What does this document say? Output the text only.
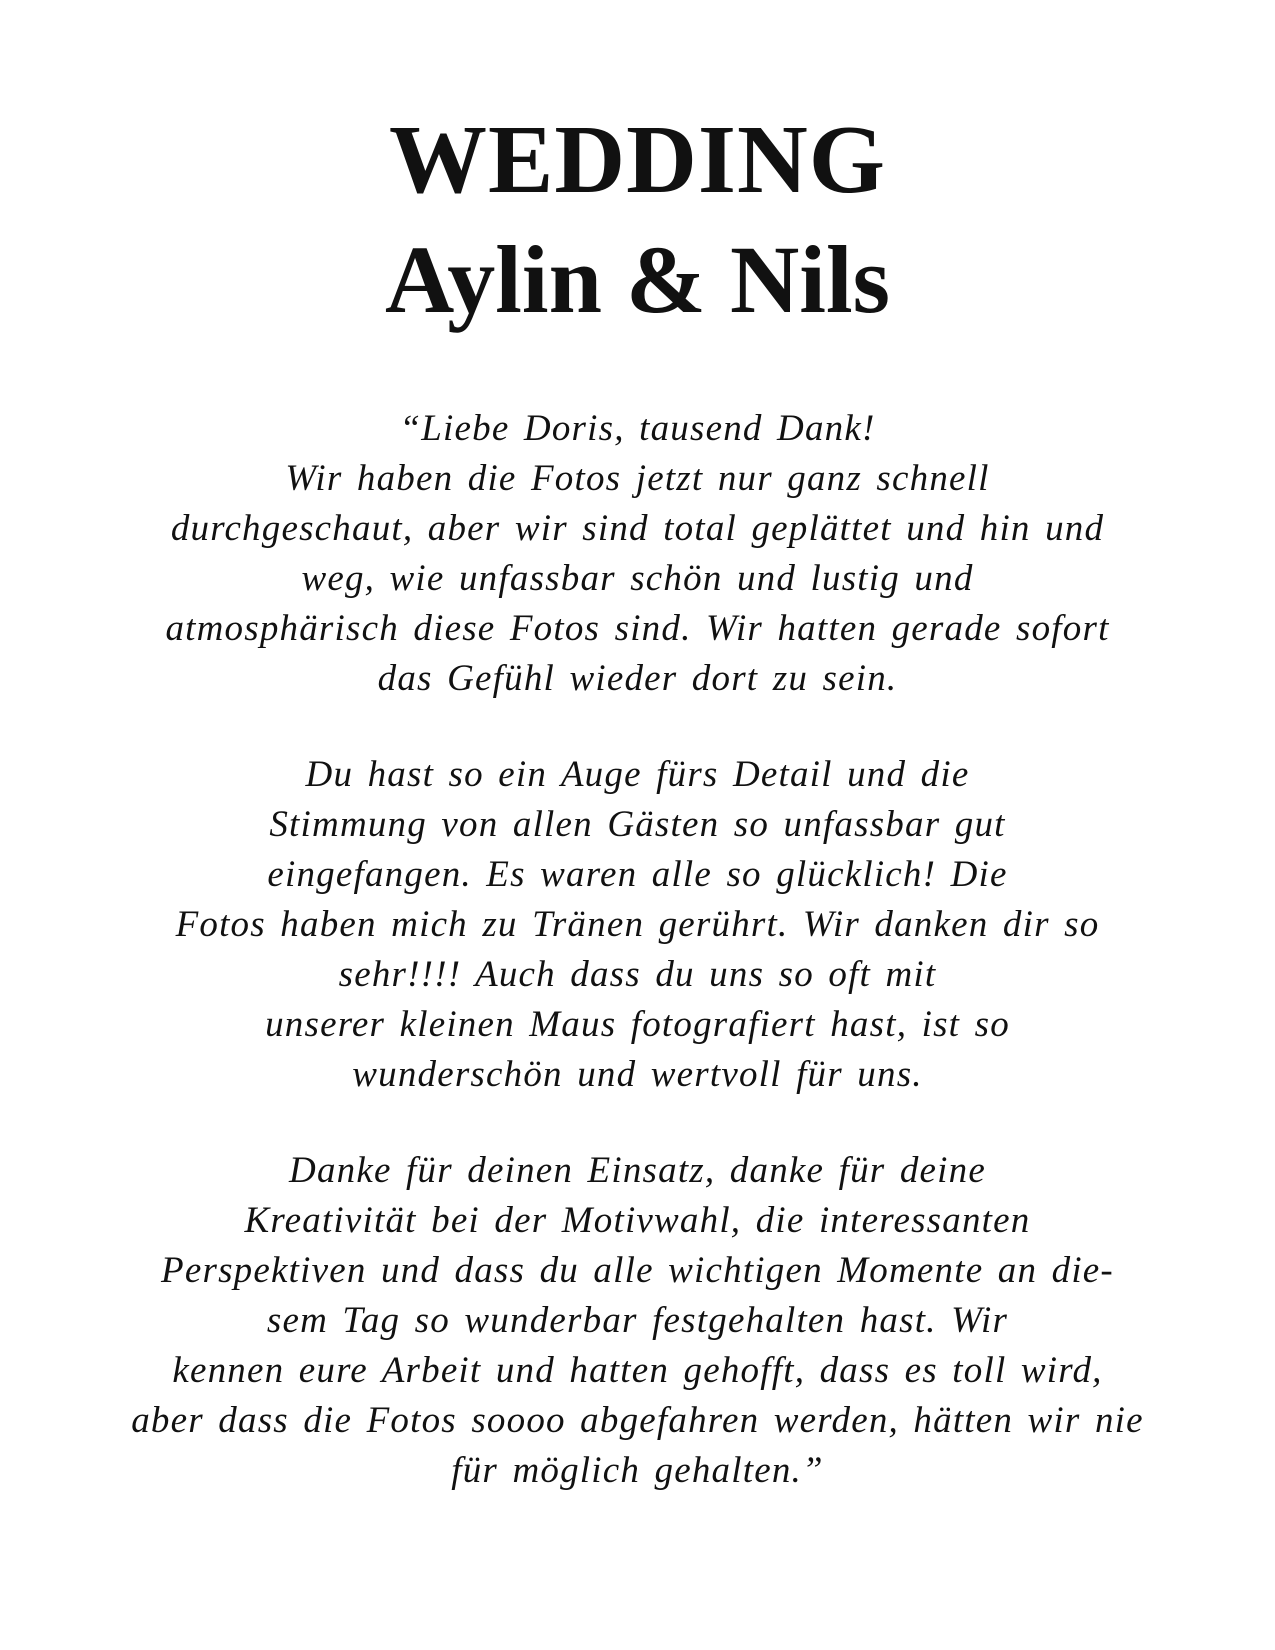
WEDDING
Aylin & Nils

“Liebe Doris, tausend Dank!
Wir haben die Fotos jetzt nur ganz schnell
durchgeschaut, aber wir sind total geplättet und hin und
weg, wie unfassbar schön und lustig und
atmosphärisch diese Fotos sind. Wir hatten gerade sofort
das Gefühl wieder dort zu sein.

Du hast so ein Auge fürs Detail und die
Stimmung von allen Gästen so unfassbar gut
eingefangen. Es waren alle so glücklich! Die
Fotos haben mich zu Tränen gerührt. Wir danken dir so
sehr!!!! Auch dass du uns so oft mit
unserer kleinen Maus fotografiert hast, ist so
wunderschön und wertvoll für uns.

Danke für deinen Einsatz, danke für deine
Kreativität bei der Motivwahl, die interessanten
Perspektiven und dass du alle wichtigen Momente an die-
sem Tag so wunderbar festgehalten hast. Wir
kennen eure Arbeit und hatten gehofft, dass es toll wird,
aber dass die Fotos soooo abgefahren werden, hätten wir nie
für möglich gehalten.”
